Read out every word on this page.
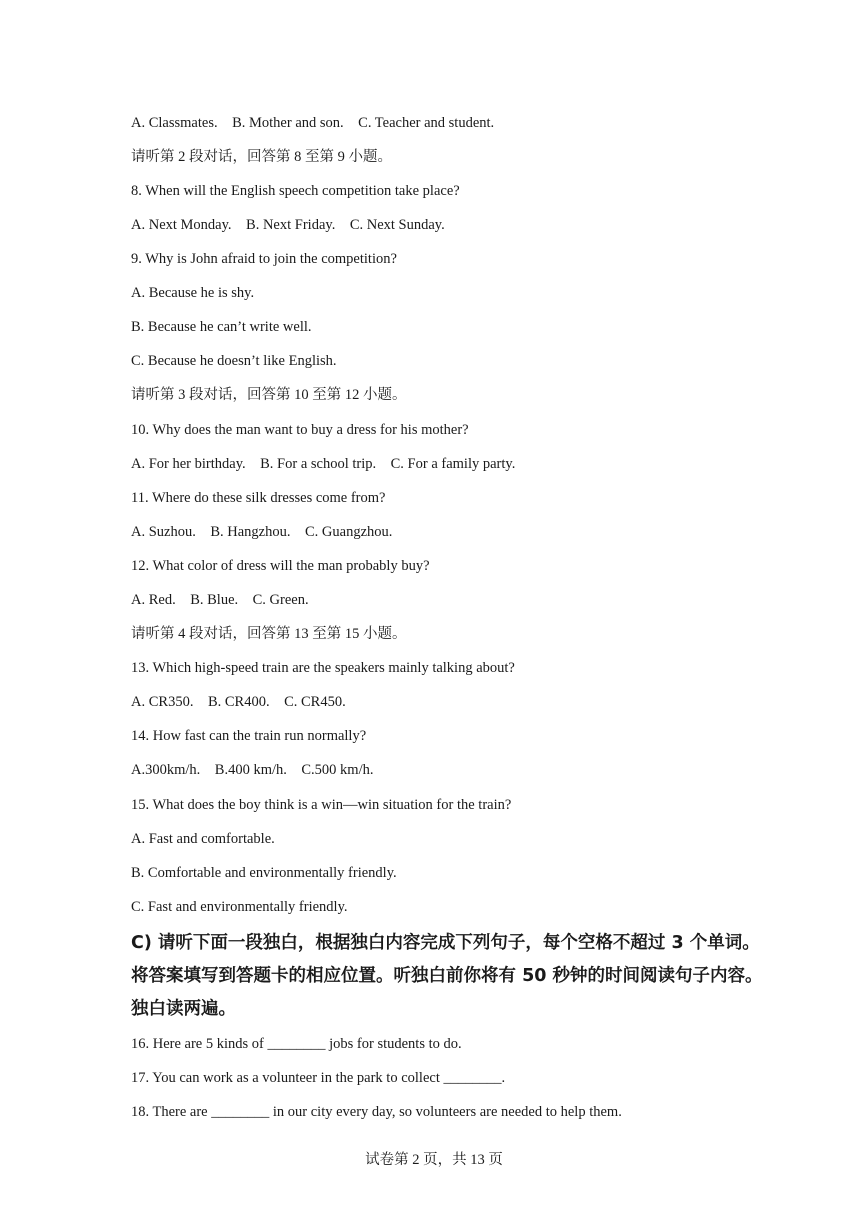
A. Classmates.    B. Mother and son.    C. Teacher and student.
请听第 2 段对话，回答第 8 至第 9 小题。
8. When will the English speech competition take place?
A. Next Monday.    B. Next Friday.    C. Next Sunday.
9. Why is John afraid to join the competition?
A. Because he is shy.
B. Because he can’t write well.
C. Because he doesn’t like English.
请听第 3 段对话，回答第 10 至第 12 小题。
10. Why does the man want to buy a dress for his mother?
A. For her birthday.    B. For a school trip.    C. For a family party.
11. Where do these silk dresses come from?
A. Suzhou.    B. Hangzhou.    C. Guangzhou.
12. What color of dress will the man probably buy?
A. Red.    B. Blue.    C. Green.
请听第 4 段对话，回答第 13 至第 15 小题。
13. Which high-speed train are the speakers mainly talking about?
A. CR350.    B. CR400.    C. CR450.
14. How fast can the train run normally?
A.300km/h.    B.400 km/h.    C.500 km/h.
15. What does the boy think is a win—win situation for the train?
A. Fast and comfortable.
B. Comfortable and environmentally friendly.
C. Fast and environmentally friendly.
C) 请听下面一段独白，根据独白内容完成下列句子，每个空格不超过 3 个单词。
将答案填写到答题卡的相应位置。听独白前你将有 50 秒钟的时间阅读句子内容。
独白读两遍。
16. Here are 5 kinds of ________ jobs for students to do.
17. You can work as a volunteer in the park to collect ________.
18. There are ________ in our city every day, so volunteers are needed to help them.
试卷第 2 页，共 13 页
